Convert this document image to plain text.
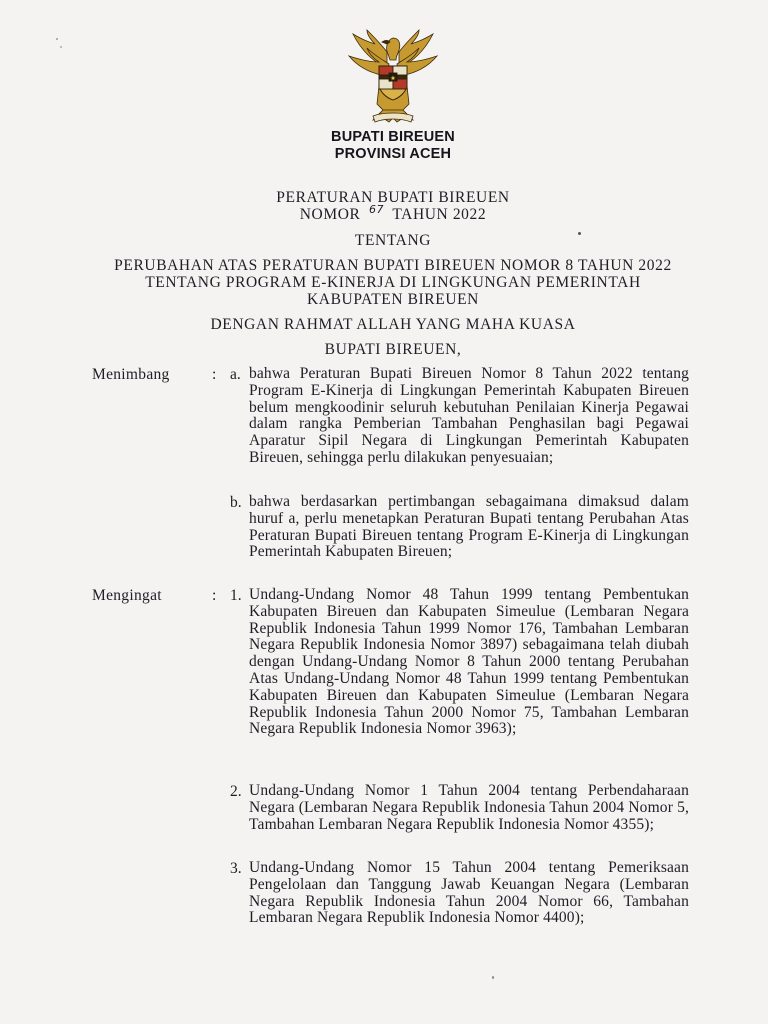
BUPATI BIREUEN
PROVINSI ACEH
PERATURAN BUPATI BIREUEN
NOMOR $^{67}$ TAHUN 2022
TENTANG
PERUBAHAN ATAS PERATURAN BUPATI BIREUEN NOMOR 8 TAHUN 2022
TENTANG PROGRAM E-KINERJA DI LINGKUNGAN PEMERINTAH
KABUPATEN BIREUEN
DENGAN RAHMAT ALLAH YANG MAHA KUASA
BUPATI BIREUEN,
Menimbang	: a. bahwa Peraturan Bupati Bireuen Nomor 8 Tahun 2022 tentang Program E-Kinerja di Lingkungan Pemerintah Kabupaten Bireuen belum mengkoodinir seluruh kebutuhan Penilaian Kinerja Pegawai dalam rangka Pemberian Tambahan Penghasilan bagi Pegawai Aparatur Sipil Negara di Lingkungan Pemerintah Kabupaten Bireuen, sehingga perlu dilakukan penyesuaian;
b. bahwa berdasarkan pertimbangan sebagaimana dimaksud dalam huruf a, perlu menetapkan Peraturan Bupati tentang Perubahan Atas Peraturan Bupati Bireuen tentang Program E-Kinerja di Lingkungan Pemerintah Kabupaten Bireuen;
Mengingat	: 1. Undang-Undang Nomor 48 Tahun 1999 tentang Pembentukan Kabupaten Bireuen dan Kabupaten Simeulue (Lembaran Negara Republik Indonesia Tahun 1999 Nomor 176, Tambahan Lembaran Negara Republik Indonesia Nomor 3897) sebagaimana telah diubah dengan Undang-Undang Nomor 8 Tahun 2000 tentang Perubahan Atas Undang-Undang Nomor 48 Tahun 1999 tentang Pembentukan Kabupaten Bireuen dan Kabupaten Simeulue (Lembaran Negara Republik Indonesia Tahun 2000 Nomor 75, Tambahan Lembaran Negara Republik Indonesia Nomor 3963);
2. Undang-Undang Nomor 1 Tahun 2004 tentang Perbendaharaan Negara (Lembaran Negara Republik Indonesia Tahun 2004 Nomor 5, Tambahan Lembaran Negara Republik Indonesia Nomor 4355);
3. Undang-Undang Nomor 15 Tahun 2004 tentang Pemeriksaan Pengelolaan dan Tanggung Jawab Keuangan Negara (Lembaran Negara Republik Indonesia Tahun 2004 Nomor 66, Tambahan Lembaran Negara Republik Indonesia Nomor 4400);
